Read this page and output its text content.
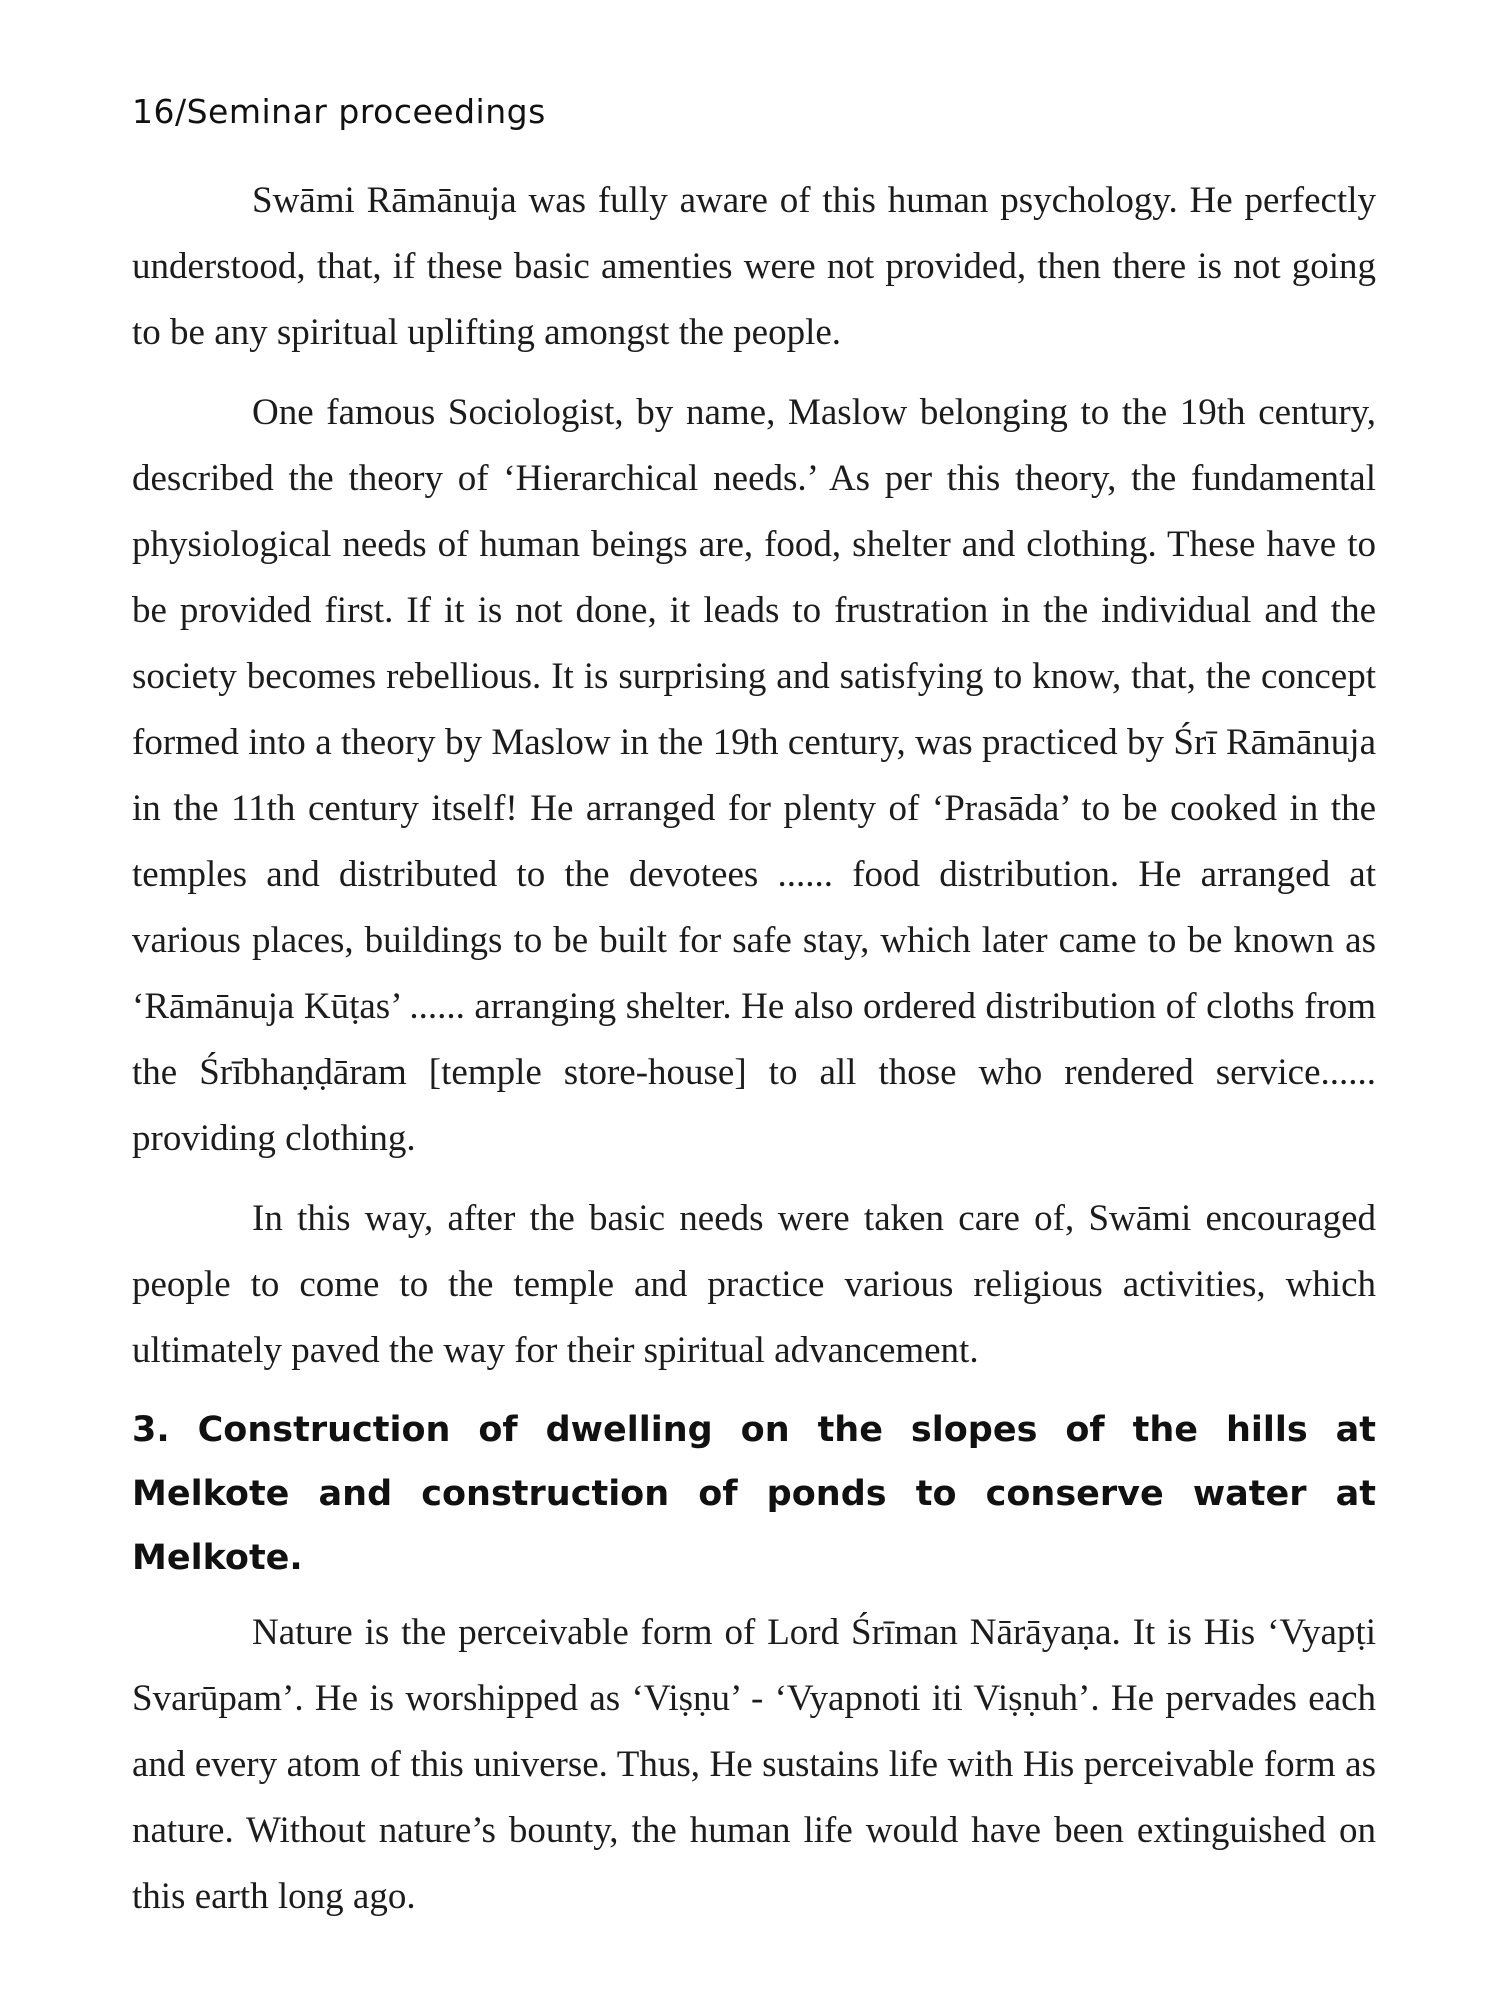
16/Seminar proceedings

Swāmi Rāmānuja was fully aware of this human psychology. He perfectly understood, that, if these basic amenties were not provided, then there is not going to be any spiritual uplifting amongst the people.

One famous Sociologist, by name, Maslow belonging to the 19th century, described the theory of ‘Hierarchical needs.’ As per this theory, the fundamental physiological needs of human beings are, food, shelter and clothing. These have to be provided first. If it is not done, it leads to frustration in the individual and the society becomes rebellious. It is surprising and satisfying to know, that, the concept formed into a theory by Maslow in the 19th century, was practiced by Śrī Rāmānuja in the 11th century itself! He arranged for plenty of ‘Prasāda’ to be cooked in the temples and distributed to the devotees ...... food distribution. He arranged at various places, buildings to be built for safe stay, which later came to be known as ‘Rāmānuja Kūṭas’ ...... arranging shelter. He also ordered distribution of cloths from the Śrībhaṇḍāram [temple store-house] to all those who rendered service...... providing clothing.

In this way, after the basic needs were taken care of, Swāmi encouraged people to come to the temple and practice various religious activities, which ultimately paved the way for their spiritual advancement.

3. Construction of dwelling on the slopes of the hills at Melkote and construction of ponds to conserve water at Melkote.

Nature is the perceivable form of Lord Śrīman Nārāyaṇa. It is His ‘Vyapṭi Svarūpam’. He is worshipped as ‘Viṣṇu’ - ‘Vyapnoti iti Viṣṇuh’. He pervades each and every atom of this universe. Thus, He sustains life with His perceivable form as nature. Without nature’s bounty, the human life would have been extinguished on this earth long ago.
